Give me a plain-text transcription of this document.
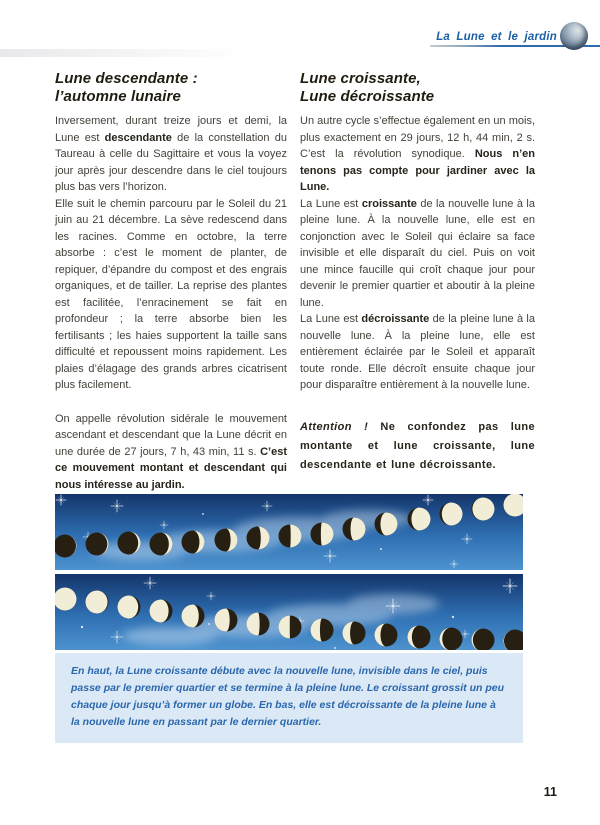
La Lune et le jardin
Lune descendante :
l’automne lunaire

Inversement, durant treize jours et demi, la Lune est descendante de la constellation du Taureau à celle du Sagittaire et vous la voyez jour après jour descendre dans le ciel toujours plus bas vers l’horizon.

Elle suit le chemin parcouru par le Soleil du 21 juin au 21 décembre. La sève redescend dans les racines. Comme en octobre, la terre absorbe : c’est le moment de planter, de repiquer, d’épandre du compost et des engrais organiques, et de tailler. La reprise des plantes est facilitée, l’enracinement se fait en profondeur ; la terre absorbe bien les fertilisants ; les haies supportent la taille sans difficulté et repoussent moins rapidement. Les plaies d’élagage des grands arbres cicatrisent plus facilement.

On appelle révolution sidérale le mouvement ascendant et descendant que la Lune décrit en une durée de 27 jours, 7 h, 43 min, 11 s. C’est ce mouvement montant et descendant qui nous intéresse au jardin.

Lune croissante,
Lune décroissante

Un autre cycle s’effectue également en un mois, plus exactement en 29 jours, 12 h, 44 min, 2 s. C’est la révolution synodique. Nous n’en tenons pas compte pour jardiner avec la Lune.

La Lune est croissante de la nouvelle lune à la pleine lune. À la nouvelle lune, elle est en conjonction avec le Soleil qui éclaire sa face invisible et elle disparaît du ciel. Puis on voit une mince faucille qui croît chaque jour pour devenir le premier quartier et aboutir à la pleine lune.

La Lune est décroissante de la pleine lune à la nouvelle lune. À la pleine lune, elle est entièrement éclairée par le Soleil et apparaît toute ronde. Elle décroît ensuite chaque jour pour disparaître entièrement à la nouvelle lune.

Attention ! Ne confondez pas lune montante et lune croissante, lune descendante et lune décroissante.

En haut, la Lune croissante débute avec la nouvelle lune, invisible dans le ciel, puis passe par le premier quartier et se termine à la pleine lune. Le croissant grossit un peu chaque jour jusqu’à former un globe. En bas, elle est décroissante de la pleine lune à la nouvelle lune en passant par le dernier quartier.
11
